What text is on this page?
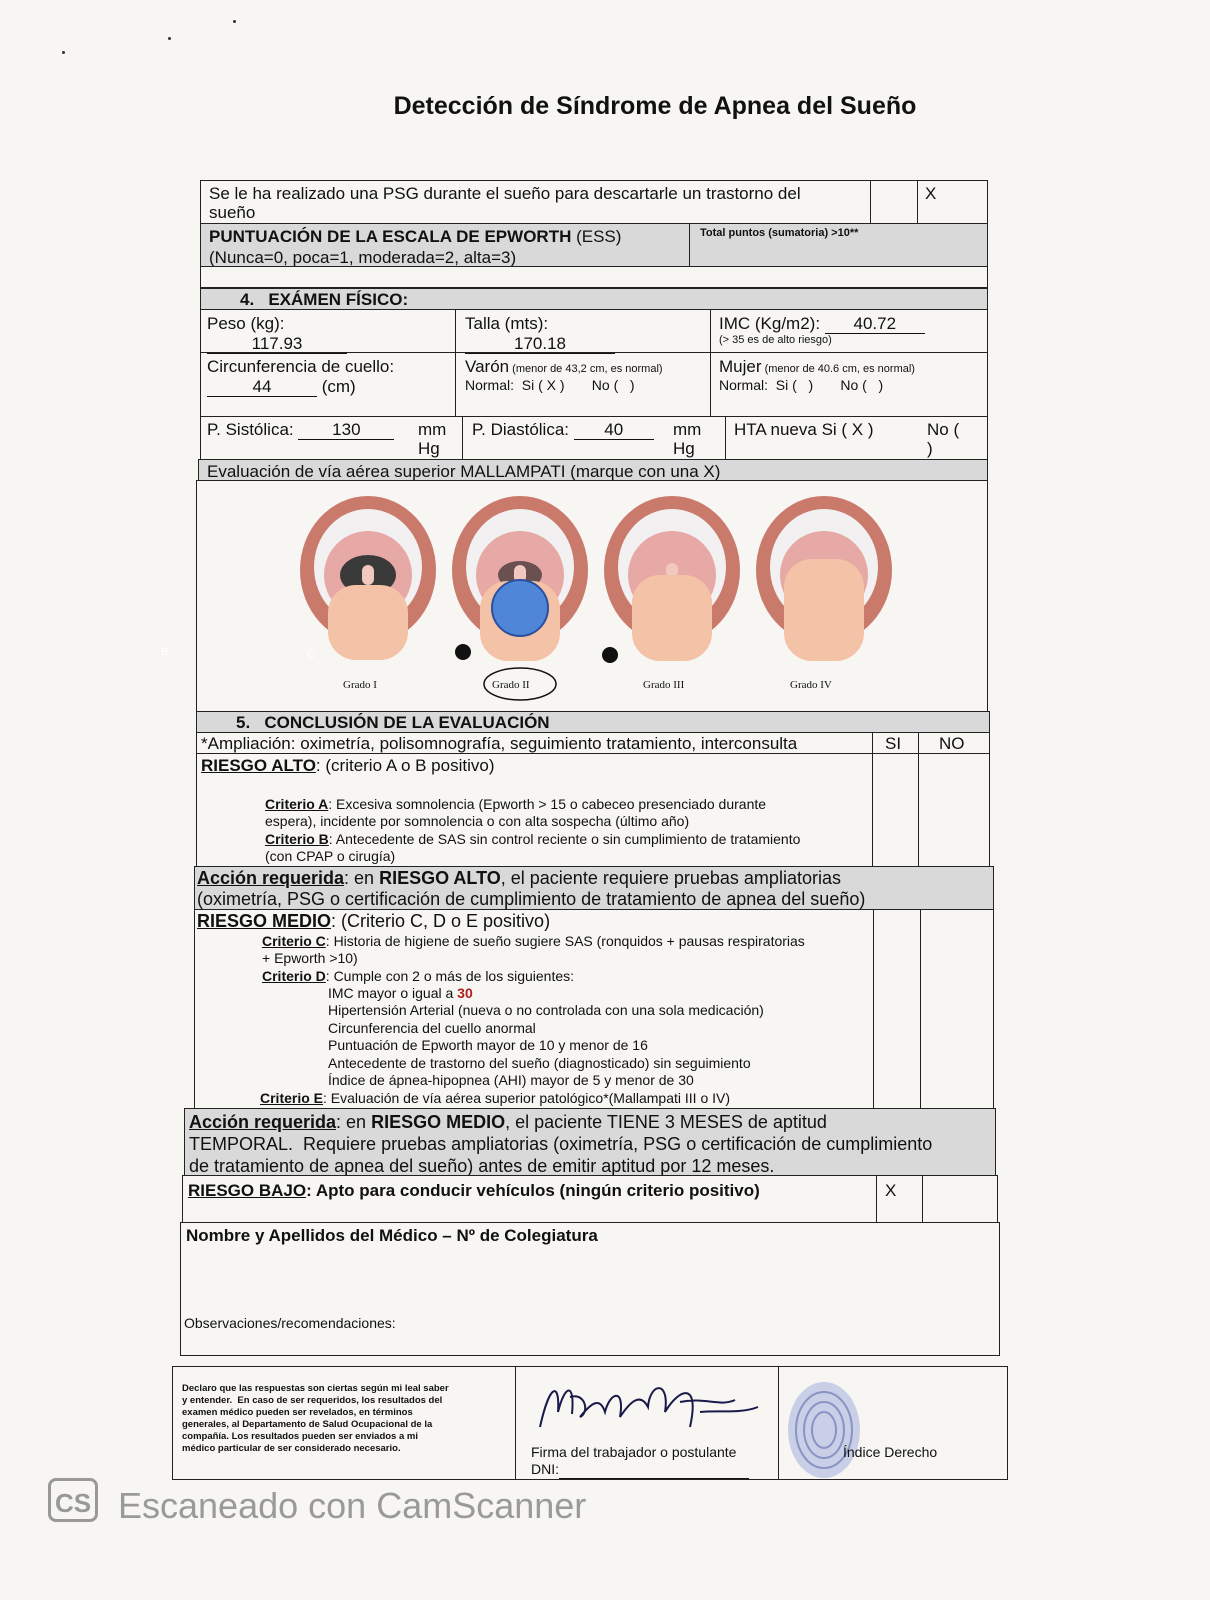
Detección de Síndrome de Apnea del Sueño
Se le ha realizado una PSG durante el sueño para descartarle un trastorno del
sueño
X
PUNTUACIÓN DE LA ESCALA DE EPWORTH (ESS)
(Nunca=0, poca=1, moderada=2, alta=3)
Total puntos (sumatoria) >10**
4.   EXÁMEN FÍSICO:
Peso (kg):
117.93
Talla (mts):
170.18
IMC (Kg/m2): 40.72
(> 35 es de alto riesgo)
Circunferencia de cuello:
44	(cm)
Varón (menor de 43,2 cm, es normal)
Normal:  Si ( X )       No (   )
Mujer (menor de 40.6 cm, es normal)
Normal:  Si (   )       No (   )
P. Sistólica: 130	mm
Hg
P. Diastólica: 40	mm
Hg
HTA nueva Si ( X )	No (
)
Evaluación de vía aérea superior MALLAMPATI (marque con una X)
B	C
Grado I	Grado II	Grado III	Grado IV
5.   CONCLUSIÓN DE LA EVALUACIÓN
*Ampliación: oximetría, polisomnografía, seguimiento tratamiento, interconsulta	SI NO
RIESGO ALTO: (criterio A o B positivo)
Criterio A: Excesiva somnolencia (Epworth > 15 o cabeceo presenciado durante
espera), incidente por somnolencia o con alta sospecha (último año)
Criterio B: Antecedente de SAS sin control reciente o sin cumplimiento de tratamiento
(con CPAP o cirugía)
Acción requerida: en RIESGO ALTO, el paciente requiere pruebas ampliatorias
(oximetría, PSG o certificación de cumplimiento de tratamiento de apnea del sueño)
RIESGO MEDIO: (Criterio C, D o E positivo)
Criterio C: Historia de higiene de sueño sugiere SAS (ronquidos + pausas respiratorias
+ Epworth >10)
Criterio D: Cumple con 2 o más de los siguientes:
IMC mayor o igual a 30
Hipertensión Arterial (nueva o no controlada con una sola medicación)
Circunferencia del cuello anormal
Puntuación de Epworth mayor de 10 y menor de 16
Antecedente de trastorno del sueño (diagnosticado) sin seguimiento
Índice de ápnea-hipopnea (AHI) mayor de 5 y menor de 30
Criterio E: Evaluación de vía aérea superior patológico*(Mallampati III o IV)
Acción requerida: en RIESGO MEDIO, el paciente TIENE 3 MESES de aptitud
TEMPORAL.  Requiere pruebas ampliatorias (oximetría, PSG o certificación de cumplimiento
de tratamiento de apnea del sueño) antes de emitir aptitud por 12 meses.
RIESGO BAJO: Apto para conducir vehículos (ningún criterio positivo)	X
Nombre y Apellidos del Médico – Nº de Colegiatura
Observaciones/recomendaciones:
Declaro que las respuestas son ciertas según mi leal saber
y entender.  En caso de ser requeridos, los resultados del
examen médico pueden ser revelados, en términos
generales, al Departamento de Salud Ocupacional de la
compañía. Los resultados pueden ser enviados a mi
médico particular de ser considerado necesario.	Firma del trabajador o postulante
DNI:
Índice Derecho
CS Escaneado con CamScanner
